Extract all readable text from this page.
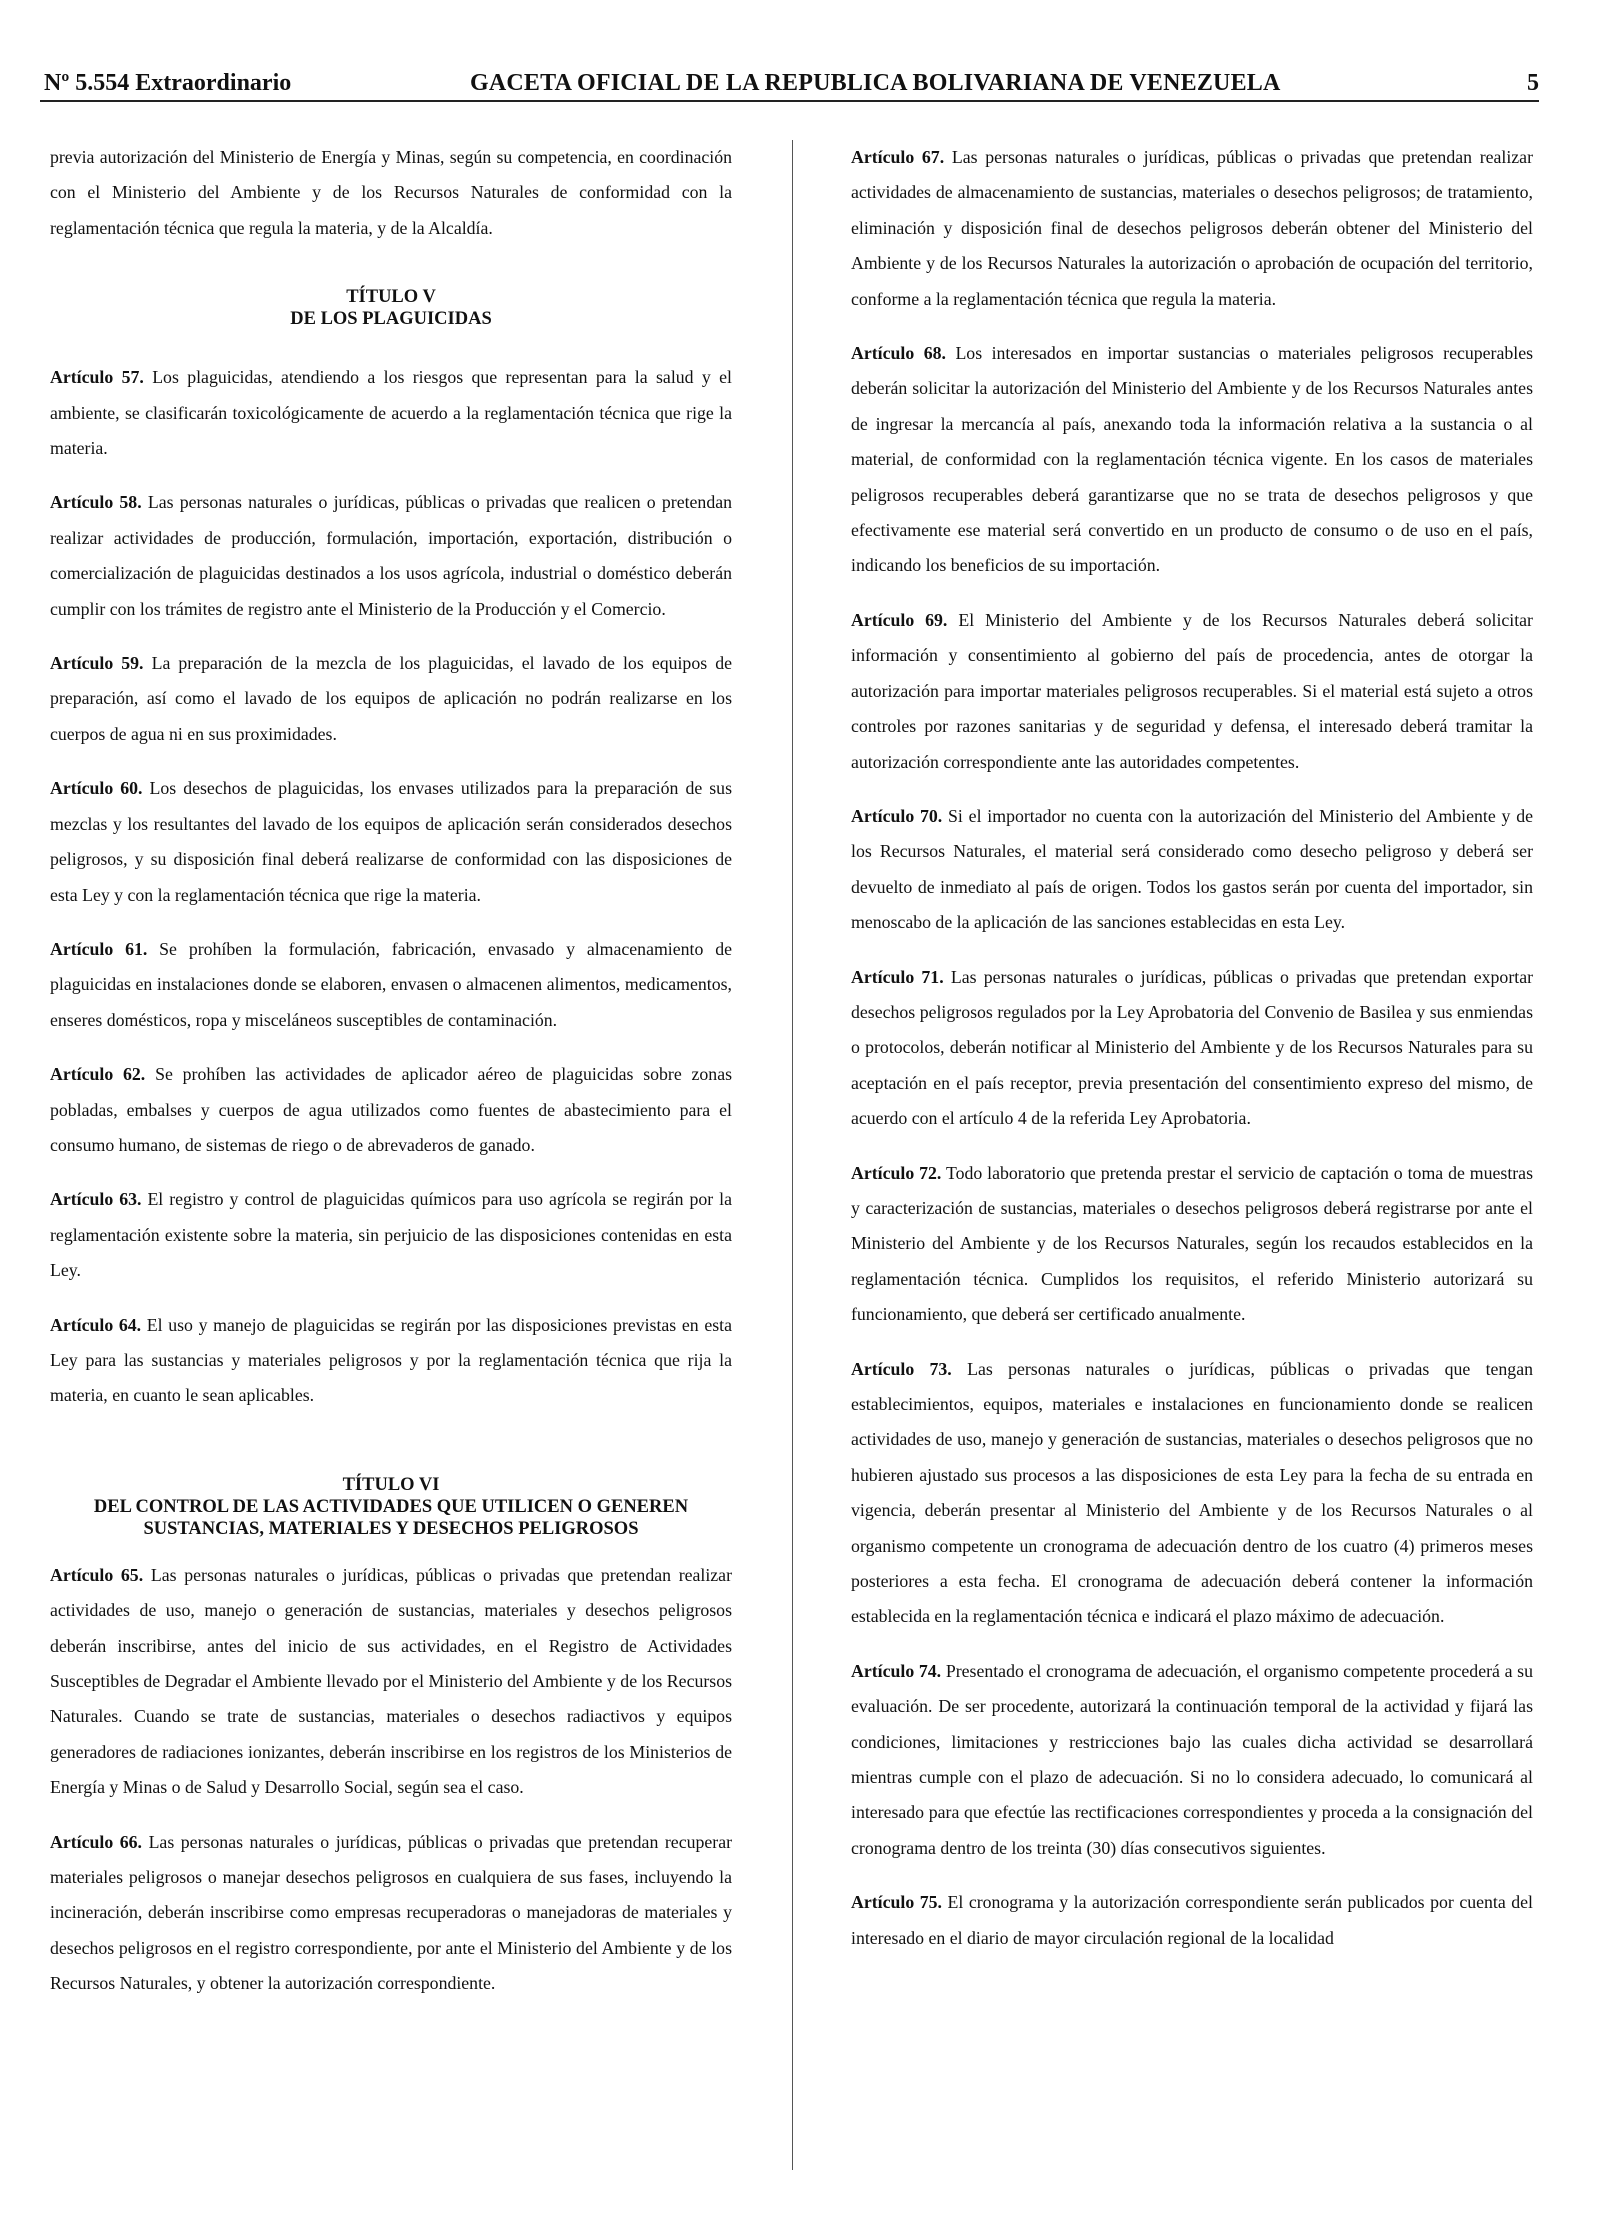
Nº 5.554 Extraordinario	GACETA OFICIAL DE LA REPUBLICA BOLIVARIANA DE VENEZUELA	5

previa autorización del Ministerio de Energía y Minas, según su competencia, en coordinación con el Ministerio del Ambiente y de los Recursos Naturales de conformidad con la reglamentación técnica que regula la materia, y de la Alcaldía.

TÍTULO V
DE LOS PLAGUICIDAS

Artículo 57. Los plaguicidas, atendiendo a los riesgos que representan para la salud y el ambiente, se clasificarán toxicológicamente de acuerdo a la reglamentación técnica que rige la materia.

Artículo 58. Las personas naturales o jurídicas, públicas o privadas que realicen o pretendan realizar actividades de producción, formulación, importación, exportación, distribución o comercialización de plaguicidas destinados a los usos agrícola, industrial o doméstico deberán cumplir con los trámites de registro ante el Ministerio de la Producción y el Comercio.

Artículo 59. La preparación de la mezcla de los plaguicidas, el lavado de los equipos de preparación, así como el lavado de los equipos de aplicación no podrán realizarse en los cuerpos de agua ni en sus proximidades.

Artículo 60. Los desechos de plaguicidas, los envases utilizados para la preparación de sus mezclas y los resultantes del lavado de los equipos de aplicación serán considerados desechos peligrosos, y su disposición final deberá realizarse de conformidad con las disposiciones de esta Ley y con la reglamentación técnica que rige la materia.

Artículo 61. Se prohíben la formulación, fabricación, envasado y almacenamiento de plaguicidas en instalaciones donde se elaboren, envasen o almacenen alimentos, medicamentos, enseres domésticos, ropa y misceláneos susceptibles de contaminación.

Artículo 62. Se prohíben las actividades de aplicador aéreo de plaguicidas sobre zonas pobladas, embalses y cuerpos de agua utilizados como fuentes de abastecimiento para el consumo humano, de sistemas de riego o de abrevaderos de ganado.

Artículo 63. El registro y control de plaguicidas químicos para uso agrícola se regirán por la reglamentación existente sobre la materia, sin perjuicio de las disposiciones contenidas en esta Ley.

Artículo 64. El uso y manejo de plaguicidas se regirán por las disposiciones previstas en esta Ley para las sustancias y materiales peligrosos y por la reglamentación técnica que rija la materia, en cuanto le sean aplicables.

TÍTULO VI
DEL CONTROL DE LAS ACTIVIDADES QUE UTILICEN O GENEREN
SUSTANCIAS, MATERIALES Y DESECHOS PELIGROSOS

Artículo 65. Las personas naturales o jurídicas, públicas o privadas que pretendan realizar actividades de uso, manejo o generación de sustancias, materiales y desechos peligrosos deberán inscribirse, antes del inicio de sus actividades, en el Registro de Actividades Susceptibles de Degradar el Ambiente llevado por el Ministerio del Ambiente y de los Recursos Naturales. Cuando se trate de sustancias, materiales o desechos radiactivos y equipos generadores de radiaciones ionizantes, deberán inscribirse en los registros de los Ministerios de Energía y Minas o de Salud y Desarrollo Social, según sea el caso.

Artículo 66. Las personas naturales o jurídicas, públicas o privadas que pretendan recuperar materiales peligrosos o manejar desechos peligrosos en cualquiera de sus fases, incluyendo la incineración, deberán inscribirse como empresas recuperadoras o manejadoras de materiales y desechos peligrosos en el registro correspondiente, por ante el Ministerio del Ambiente y de los Recursos Naturales, y obtener la autorización correspondiente.

Artículo 67. Las personas naturales o jurídicas, públicas o privadas que pretendan realizar actividades de almacenamiento de sustancias, materiales o desechos peligrosos; de tratamiento, eliminación y disposición final de desechos peligrosos deberán obtener del Ministerio del Ambiente y de los Recursos Naturales la autorización o aprobación de ocupación del territorio, conforme a la reglamentación técnica que regula la materia.

Artículo 68. Los interesados en importar sustancias o materiales peligrosos recuperables deberán solicitar la autorización del Ministerio del Ambiente y de los Recursos Naturales antes de ingresar la mercancía al país, anexando toda la información relativa a la sustancia o al material, de conformidad con la reglamentación técnica vigente. En los casos de materiales peligrosos recuperables deberá garantizarse que no se trata de desechos peligrosos y que efectivamente ese material será convertido en un producto de consumo o de uso en el país, indicando los beneficios de su importación.

Artículo 69. El Ministerio del Ambiente y de los Recursos Naturales deberá solicitar información y consentimiento al gobierno del país de procedencia, antes de otorgar la autorización para importar materiales peligrosos recuperables. Si el material está sujeto a otros controles por razones sanitarias y de seguridad y defensa, el interesado deberá tramitar la autorización correspondiente ante las autoridades competentes.

Artículo 70. Si el importador no cuenta con la autorización del Ministerio del Ambiente y de los Recursos Naturales, el material será considerado como desecho peligroso y deberá ser devuelto de inmediato al país de origen. Todos los gastos serán por cuenta del importador, sin menoscabo de la aplicación de las sanciones establecidas en esta Ley.

Artículo 71. Las personas naturales o jurídicas, públicas o privadas que pretendan exportar desechos peligrosos regulados por la Ley Aprobatoria del Convenio de Basilea y sus enmiendas o protocolos, deberán notificar al Ministerio del Ambiente y de los Recursos Naturales para su aceptación en el país receptor, previa presentación del consentimiento expreso del mismo, de acuerdo con el artículo 4 de la referida Ley Aprobatoria.

Artículo 72. Todo laboratorio que pretenda prestar el servicio de captación o toma de muestras y caracterización de sustancias, materiales o desechos peligrosos deberá registrarse por ante el Ministerio del Ambiente y de los Recursos Naturales, según los recaudos establecidos en la reglamentación técnica. Cumplidos los requisitos, el referido Ministerio autorizará su funcionamiento, que deberá ser certificado anualmente.

Artículo 73. Las personas naturales o jurídicas, públicas o privadas que tengan establecimientos, equipos, materiales e instalaciones en funcionamiento donde se realicen actividades de uso, manejo y generación de sustancias, materiales o desechos peligrosos que no hubieren ajustado sus procesos a las disposiciones de esta Ley para la fecha de su entrada en vigencia, deberán presentar al Ministerio del Ambiente y de los Recursos Naturales o al organismo competente un cronograma de adecuación dentro de los cuatro (4) primeros meses posteriores a esta fecha. El cronograma de adecuación deberá contener la información establecida en la reglamentación técnica e indicará el plazo máximo de adecuación.

Artículo 74. Presentado el cronograma de adecuación, el organismo competente procederá a su evaluación. De ser procedente, autorizará la continuación temporal de la actividad y fijará las condiciones, limitaciones y restricciones bajo las cuales dicha actividad se desarrollará mientras cumple con el plazo de adecuación. Si no lo considera adecuado, lo comunicará al interesado para que efectúe las rectificaciones correspondientes y proceda a la consignación del cronograma dentro de los treinta (30) días consecutivos siguientes.

Artículo 75. El cronograma y la autorización correspondiente serán publicados por cuenta del interesado en el diario de mayor circulación regional de la localidad
